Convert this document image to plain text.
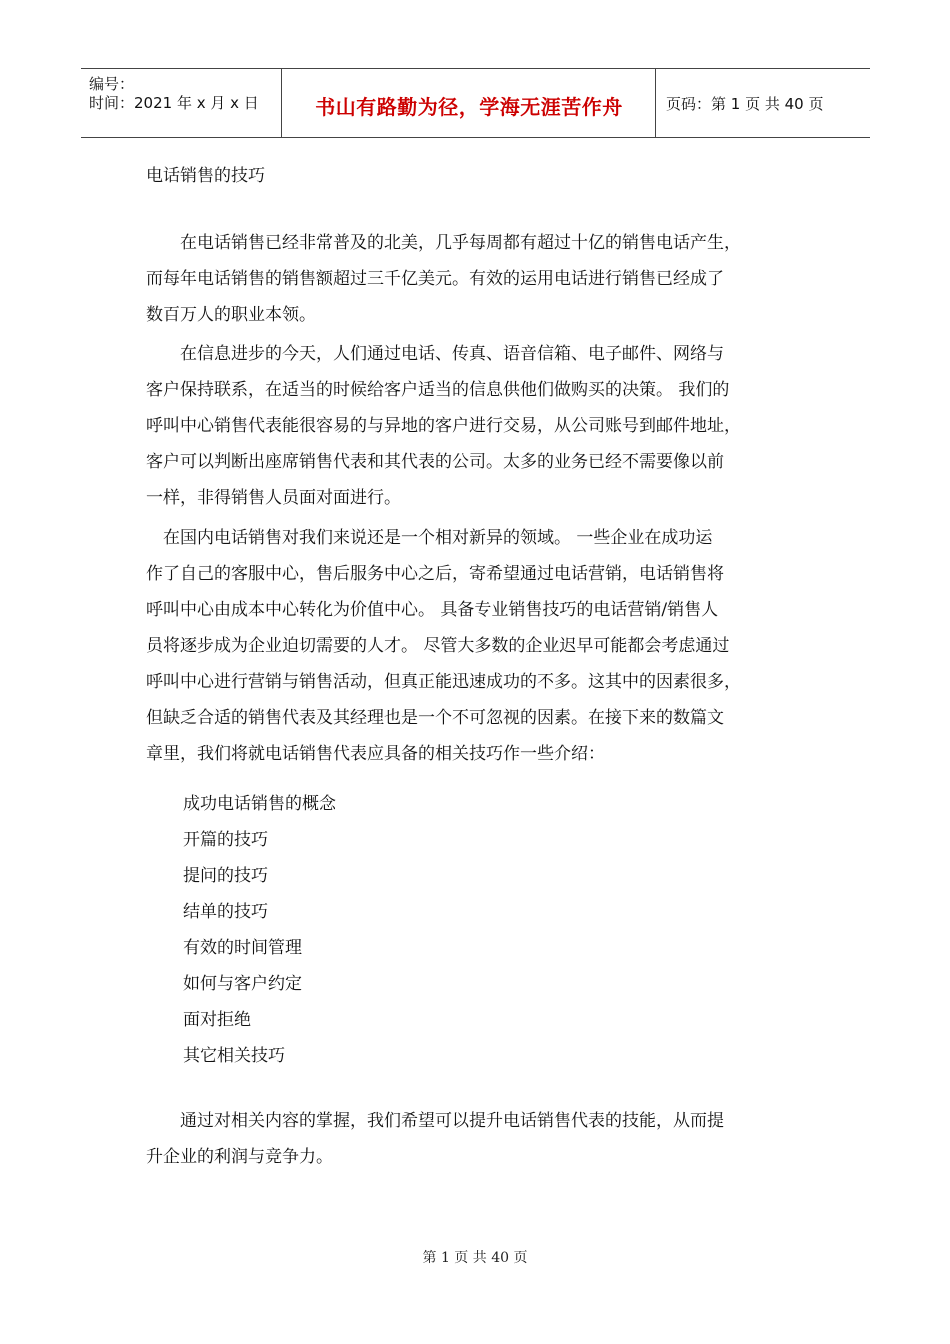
编号：
时间：2021 年 x 月 x 日	书山有路勤为径，学海无涯苦作舟	页码：第 1 页 共 40 页
电话销售的技巧
　　在电话销售已经非常普及的北美，几乎每周都有超过十亿的销售电话产生，
而每年电话销售的销售额超过三千亿美元。有效的运用电话进行销售已经成了
数百万人的职业本领。
　　在信息进步的今天，人们通过电话、传真、语音信箱、电子邮件、网络与
客户保持联系，在适当的时候给客户适当的信息供他们做购买的决策。 我们的
呼叫中心销售代表能很容易的与异地的客户进行交易，从公司账号到邮件地址，
客户可以判断出座席销售代表和其代表的公司。太多的业务已经不需要像以前
一样，非得销售人员面对面进行。
　在国内电话销售对我们来说还是一个相对新异的领域。 一些企业在成功运
作了自己的客服中心，售后服务中心之后，寄希望通过电话营销，电话销售将
呼叫中心由成本中心转化为价值中心。 具备专业销售技巧的电话营销/销售人
员将逐步成为企业迫切需要的人才。 尽管大多数的企业迟早可能都会考虑通过
呼叫中心进行营销与销售活动，但真正能迅速成功的不多。这其中的因素很多，
但缺乏合适的销售代表及其经理也是一个不可忽视的因素。在接下来的数篇文
章里，我们将就电话销售代表应具备的相关技巧作一些介绍：
成功电话销售的概念
开篇的技巧
提问的技巧
结单的技巧
有效的时间管理
如何与客户约定
面对拒绝
其它相关技巧
　　通过对相关内容的掌握，我们希望可以提升电话销售代表的技能，从而提
升企业的利润与竞争力。
第 1 页 共 40 页
